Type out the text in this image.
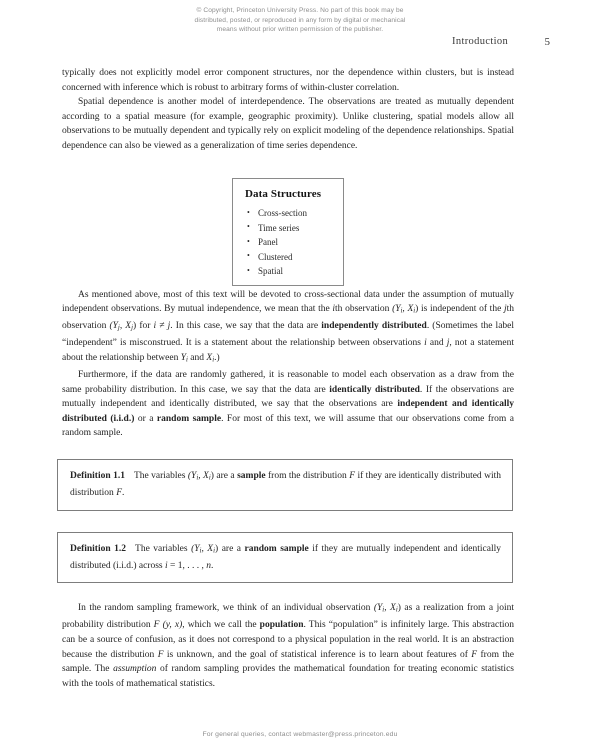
© Copyright, Princeton University Press. No part of this book may be
distributed, posted, or reproduced in any form by digital or mechanical
means without prior written permission of the publisher.
Introduction	5

typically does not explicitly model error component structures, nor the dependence within clusters, but is instead concerned with inference which is robust to arbitrary forms of within-cluster correlation.

Spatial dependence is another model of interdependence. The observations are treated as mutually dependent according to a spatial measure (for example, geographic proximity). Unlike clustering, spatial models allow all observations to be mutually dependent and typically rely on explicit modeling of the dependence relationships. Spatial dependence can also be viewed as a generalization of time series dependence.

Data Structures
• Cross-section
• Time series
• Panel
• Clustered
• Spatial

As mentioned above, most of this text will be devoted to cross-sectional data under the assumption of mutually independent observations. By mutual independence, we mean that the ith observation ($Y_i$, $X_i$) is independent of the jth observation ($Y_j$, $X_j$) for i ≠ j. In this case, we say that the data are independently distributed. (Sometimes the label “independent” is misconstrued. It is a statement about the relationship between observations i and j, not a statement about the relationship between $Y_i$ and $X_i$.)

Furthermore, if the data are randomly gathered, it is reasonable to model each observation as a draw from the same probability distribution. In this case, we say that the data are identically distributed. If the observations are mutually independent and identically distributed, we say that the observations are independent and identically distributed (i.i.d.) or a random sample. For most of this text, we will assume that our observations come from a random sample.

Definition 1.1 The variables ($Y_i$, $X_i$) are a sample from the distribution F if they are identically distributed with distribution F.

Definition 1.2 The variables ($Y_i$, $X_i$) are a random sample if they are mutually independent and identically distributed (i.i.d.) across i = 1, . . . , n.

In the random sampling framework, we think of an individual observation ($Y_i$, $X_i$) as a realization from a joint probability distribution F (y, x), which we call the population. This “population” is infinitely large. This abstraction can be a source of confusion, as it does not correspond to a physical population in the real world. It is an abstraction because the distribution F is unknown, and the goal of statistical inference is to learn about features of F from the sample. The assumption of random sampling provides the mathematical foundation for treating economic statistics with the tools of mathematical statistics.

For general queries, contact webmaster@press.princeton.edu
